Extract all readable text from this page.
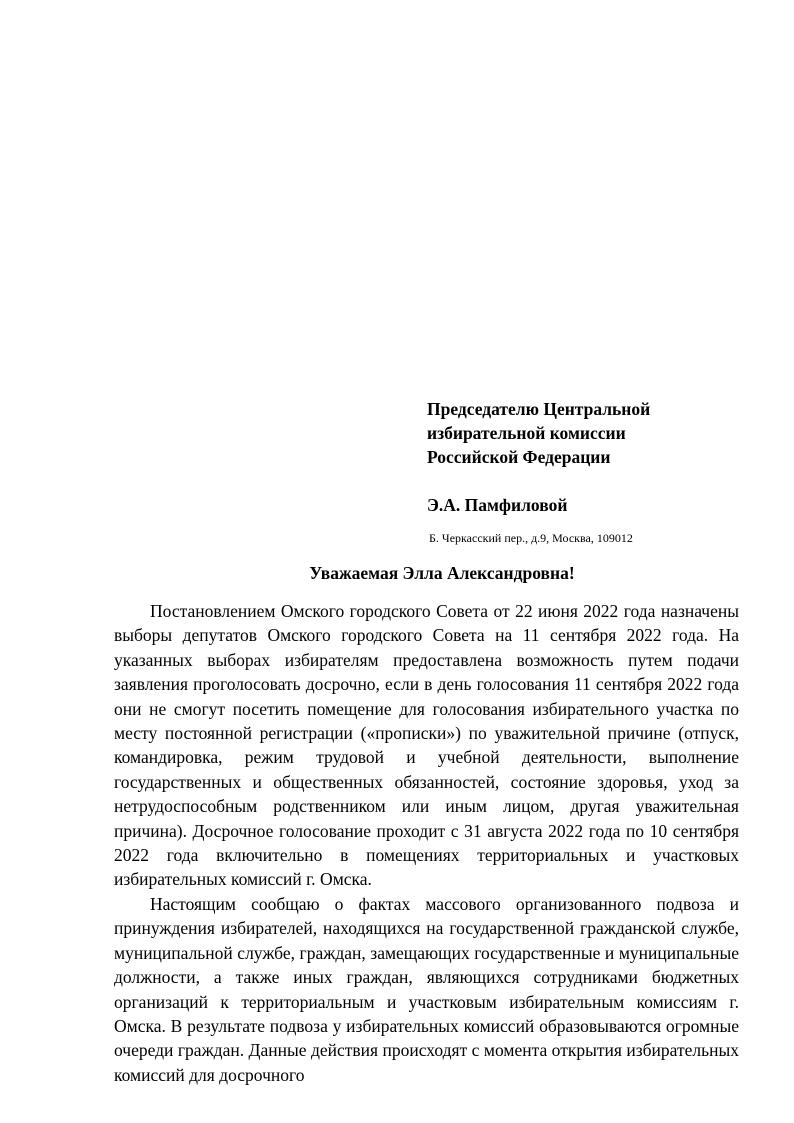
Председателю Центральной
избирательной комиссии
Российской Федерации
Э.А. Памфиловой
Б. Черкасский пер., д.9, Москва, 109012
Уважаемая Элла Александровна!

Постановлением Омского городского Совета от 22 июня 2022 года назначены выборы депутатов Омского городского Совета на 11 сентября 2022 года. На указанных выборах избирателям предоставлена возможность путем подачи заявления проголосовать досрочно, если в день голосования 11 сентября 2022 года они не смогут посетить помещение для голосования избирательного участка по месту постоянной регистрации («прописки») по уважительной причине (отпуск, командировка, режим трудовой и учебной деятельности, выполнение государственных и общественных обязанностей, состояние здоровья, уход за нетрудоспособным родственником или иным лицом, другая уважительная причина). Досрочное голосование проходит с 31 августа 2022 года по 10 сентября 2022 года включительно в помещениях территориальных и участковых избирательных комиссий г. Омска.

Настоящим сообщаю о фактах массового организованного подвоза и принуждения избирателей, находящихся на государственной гражданской службе, муниципальной службе, граждан, замещающих государственные и муниципальные должности, а также иных граждан, являющихся сотрудниками бюджетных организаций к территориальным и участковым избирательным комиссиям г. Омска. В результате подвоза у избирательных комиссий образовываются огромные очереди граждан. Данные действия происходят с момента открытия избирательных комиссий для досрочного
